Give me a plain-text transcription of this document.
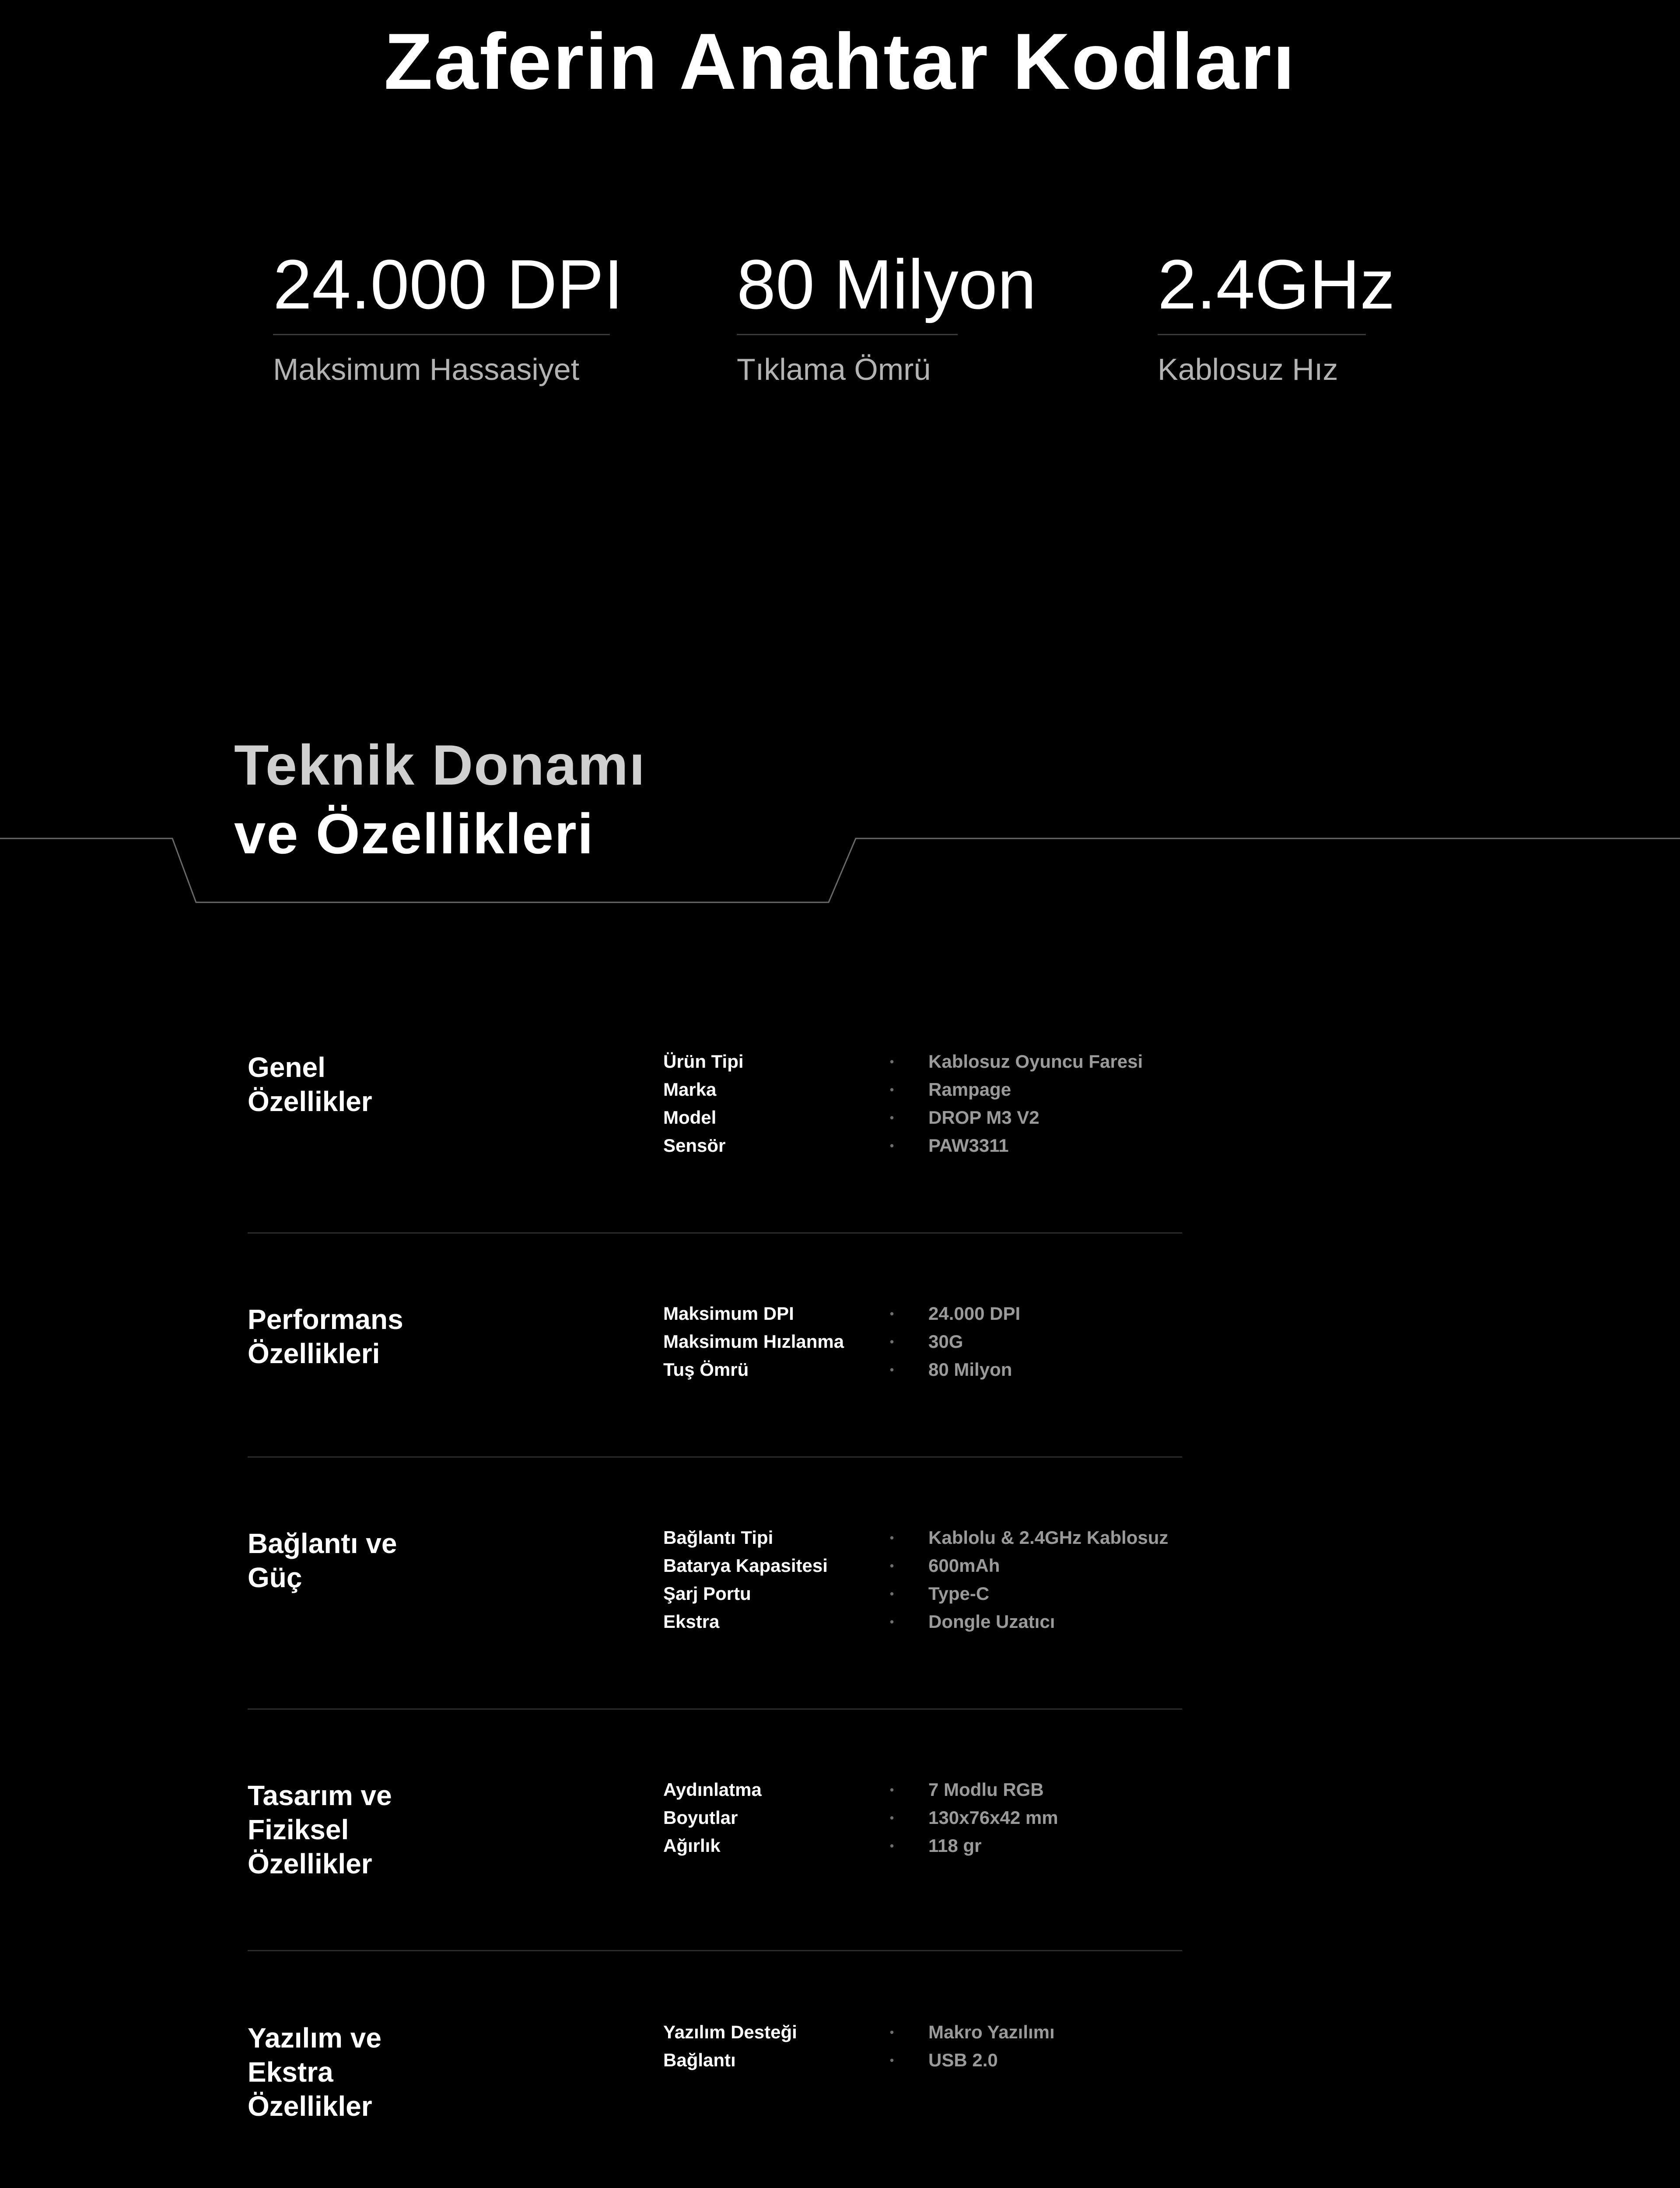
Zaferin Anahtar Kodları
24.000 DPI
Maksimum Hassasiyet
80 Milyon
Tıklama Ömrü
2.4GHz
Kablosuz Hız
Teknik Donamı
ve Özellikleri
Genel
Özellikler
Ürün Tipi	• Kablosuz Oyuncu Faresi
Marka	• Rampage
Model	• DROP M3 V2
Sensör	• PAW3311
Performans
Özellikleri
Maksimum DPI	• 24.000 DPI
Maksimum Hızlanma	• 30G
Tuş Ömrü	• 80 Milyon
Bağlantı ve
Güç
Bağlantı Tipi	• Kablolu & 2.4GHz Kablosuz
Batarya Kapasitesi	• 600mAh
Şarj Portu	• Type-C
Ekstra	• Dongle Uzatıcı
Tasarım ve
Fiziksel
Özellikler
Aydınlatma	• 7 Modlu RGB
Boyutlar	• 130x76x42 mm
Ağırlık	• 118 gr
Yazılım ve
Ekstra
Özellikler
Yazılım Desteği	• Makro Yazılımı
Bağlantı	• USB 2.0
